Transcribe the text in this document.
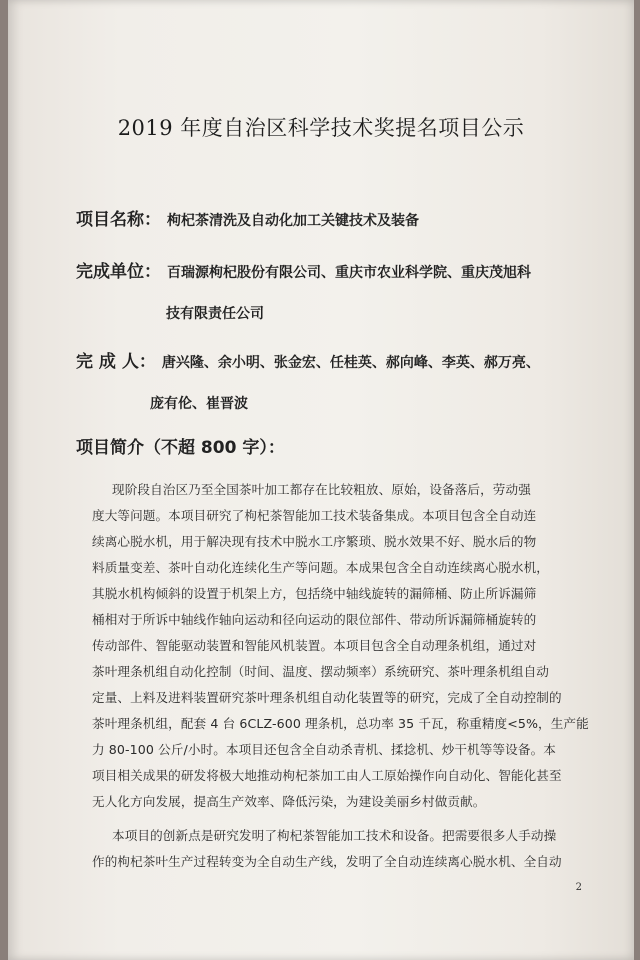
2019 年度自治区科学技术奖提名项目公示
项目名称： 枸杞茶清洗及自动化加工关键技术及装备
完成单位： 百瑞源枸杞股份有限公司、重庆市农业科学院、重庆茂旭科
技有限责任公司
完 成 人： 唐兴隆、余小明、张金宏、任桂英、郝向峰、李英、郝万亮、
庞有伦、崔晋波
项目简介（不超 800 字）：
现阶段自治区乃至全国茶叶加工都存在比较粗放、原始，设备落后，劳动强
度大等问题。本项目研究了枸杞茶智能加工技术装备集成。本项目包含全自动连
续离心脱水机，用于解决现有技术中脱水工序繁琐、脱水效果不好、脱水后的物
料质量变差、茶叶自动化连续化生产等问题。本成果包含全自动连续离心脱水机，
其脱水机构倾斜的设置于机架上方，包括绕中轴线旋转的漏筛桶、防止所诉漏筛
桶相对于所诉中轴线作轴向运动和径向运动的限位部件、带动所诉漏筛桶旋转的
传动部件、智能驱动装置和智能风机装置。本项目包含全自动理条机组，通过对
茶叶理条机组自动化控制（时间、温度、摆动频率）系统研究、茶叶理条机组自动
定量、上料及进料装置研究茶叶理条机组自动化装置等的研究，完成了全自动控制的
茶叶理条机组，配套 4 台 6CLZ-600 理条机，总功率 35 千瓦，称重精度<5%，生产能
力 80-100 公斤/小时。本项目还包含全自动杀青机、揉捻机、炒干机等等设备。本
项目相关成果的研发将极大地推动枸杞茶加工由人工原始操作向自动化、智能化甚至
无人化方向发展，提高生产效率、降低污染，为建设美丽乡村做贡献。
本项目的创新点是研究发明了枸杞茶智能加工技术和设备。把需要很多人手动操
作的枸杞茶叶生产过程转变为全自动生产线，发明了全自动连续离心脱水机、全自动
2
